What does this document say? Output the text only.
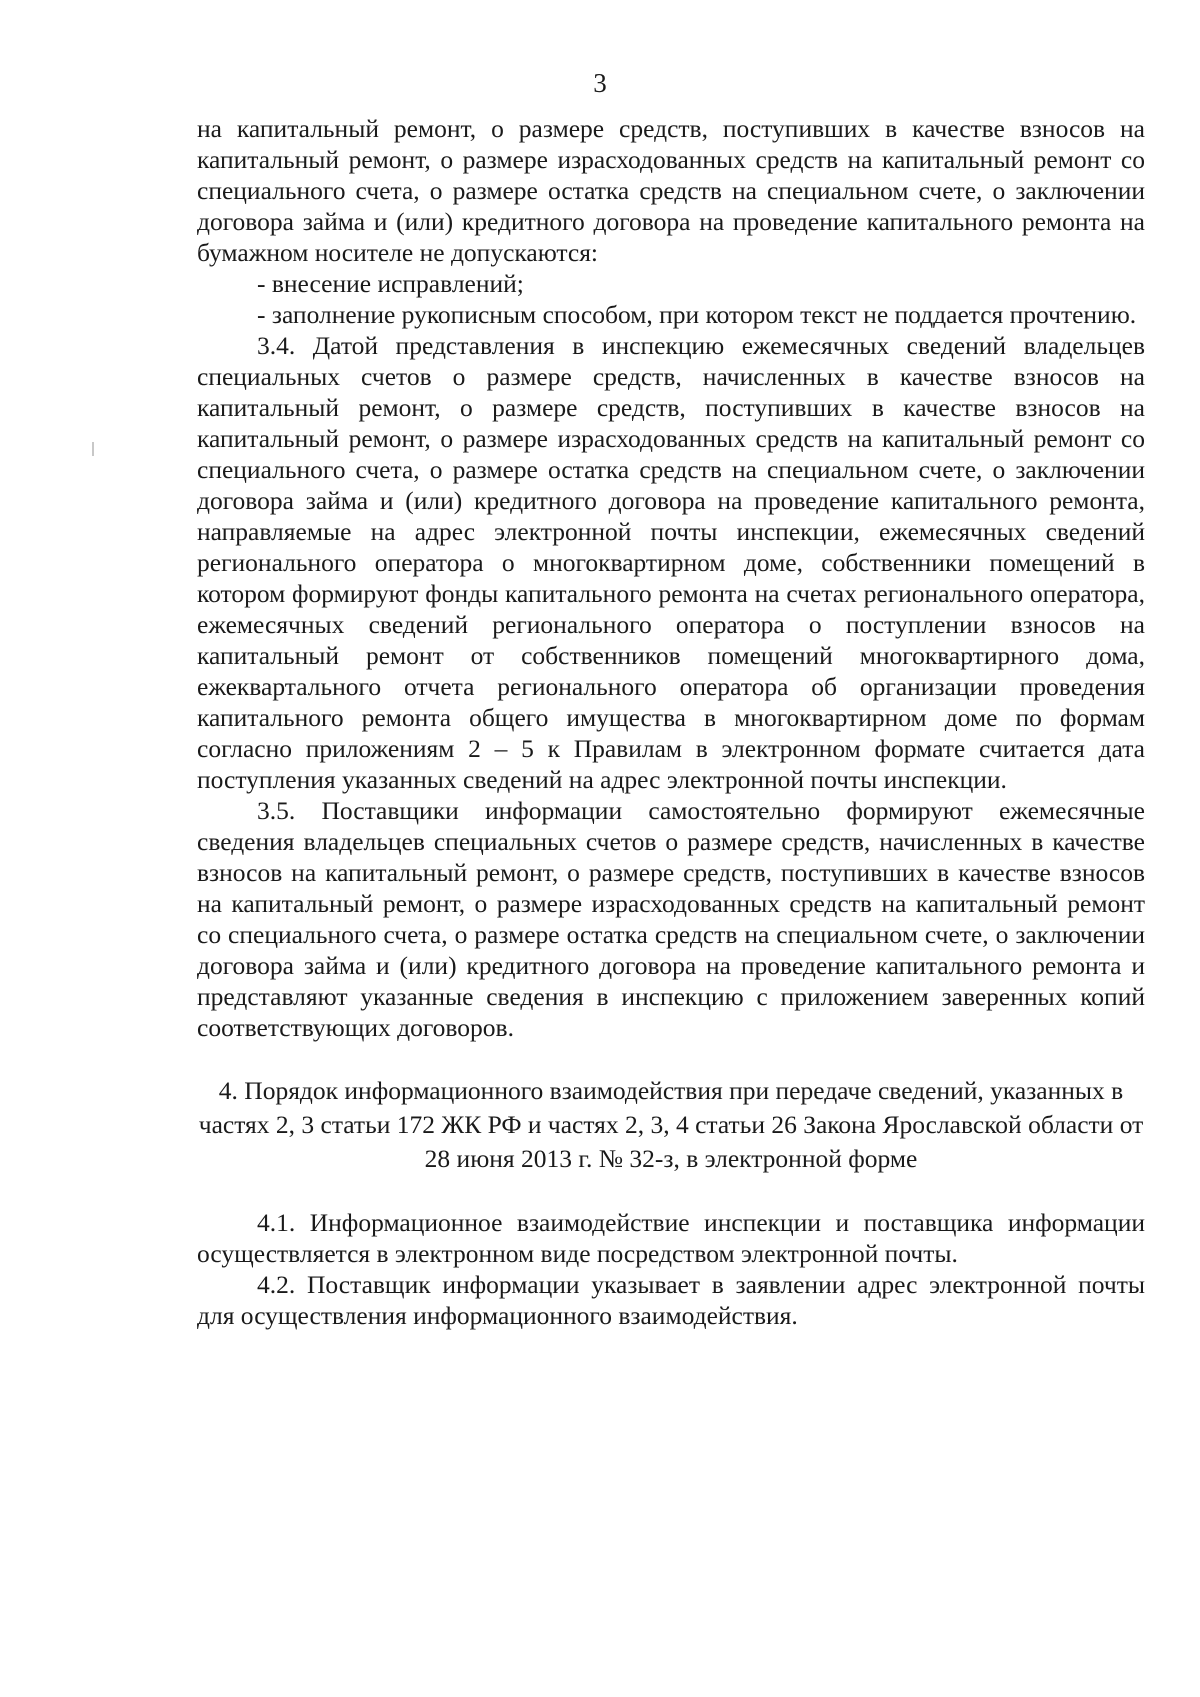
3

на капитальный ремонт, о размере средств, поступивших в качестве взносов на капитальный ремонт, о размере израсходованных средств на капитальный ремонт со специального счета, о размере остатка средств на специальном счете, о заключении договора займа и (или) кредитного договора на проведение капитального ремонта на бумажном носителе не допускаются:

- внесение исправлений;

- заполнение рукописным способом, при котором текст не поддается прочтению.

3.4. Датой представления в инспекцию ежемесячных сведений владельцев специальных счетов о размере средств, начисленных в качестве взносов на капитальный ремонт, о размере средств, поступивших в качестве взносов на капитальный ремонт, о размере израсходованных средств на капитальный ремонт со специального счета, о размере остатка средств на специальном счете, о заключении договора займа и (или) кредитного договора на проведение капитального ремонта, направляемые на адрес электронной почты инспекции, ежемесячных сведений регионального оператора о многоквартирном доме, собственники помещений в котором формируют фонды капитального ремонта на счетах регионального оператора, ежемесячных сведений регионального оператора о поступлении взносов на капитальный ремонт от собственников помещений многоквартирного дома, ежеквартального отчета регионального оператора об организации проведения капитального ремонта общего имущества в многоквартирном доме по формам согласно приложениям 2 – 5 к Правилам в электронном формате считается дата поступления указанных сведений на адрес электронной почты инспекции.

3.5. Поставщики информации самостоятельно формируют ежемесячные сведения владельцев специальных счетов о размере средств, начисленных в качестве взносов на капитальный ремонт, о размере средств, поступивших в качестве взносов на капитальный ремонт, о размере израсходованных средств на капитальный ремонт со специального счета, о размере остатка средств на специальном счете, о заключении договора займа и (или) кредитного договора на проведение капитального ремонта и представляют указанные сведения в инспекцию с приложением заверенных копий соответствующих договоров.

4. Порядок информационного взаимодействия при передаче сведений, указанных в частях 2, 3 статьи 172 ЖК РФ и частях 2, 3, 4 статьи 26 Закона Ярославской области от 28 июня 2013 г. № 32-з, в электронной форме

4.1. Информационное взаимодействие инспекции и поставщика информации осуществляется в электронном виде посредством электронной почты.

4.2. Поставщик информации указывает в заявлении адрес электронной почты для осуществления информационного взаимодействия.
